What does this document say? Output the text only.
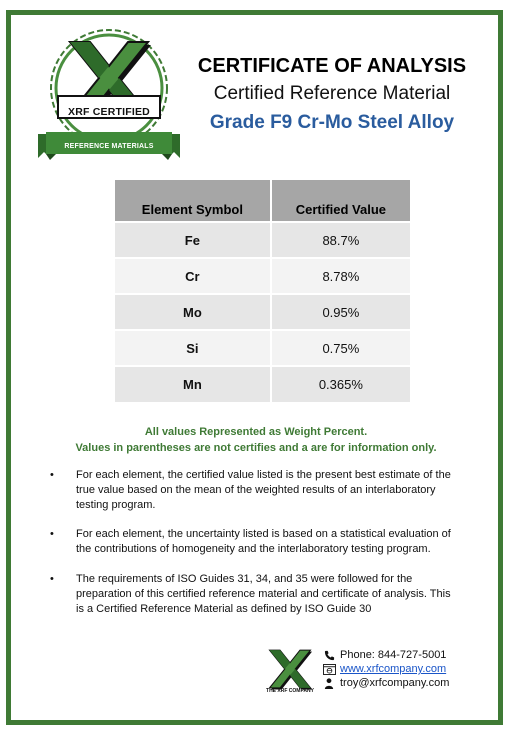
XRF CERTIFIED
REFERENCE MATERIALS
CERTIFICATE OF ANALYSIS
Certified Reference Material
Grade F9 Cr-Mo Steel Alloy
Element Symbol	Certified Value
Fe	88.7%
Cr	8.78%
Mo	0.95%
Si	0.75%
Mn	0.365%
All values Represented as Weight Percent.
Values in parentheses are not certifies and a are for information only.
• For each element, the certified value listed is the present best estimate of the true value based on the mean of the weighted results of an interlaboratory testing program.
• For each element, the uncertainty listed is based on a statistical evaluation of the contributions of homogeneity and the interlaboratory testing program.
• The requirements of ISO Guides 31, 34, and 35 were followed for the preparation of this certified reference material and certificate of analysis. This is a Certified Reference Material as defined by ISO Guide 30
THE XRF COMPANY
Phone: 844-727-5001
www.xrfcompany.com
troy@xrfcompany.com
